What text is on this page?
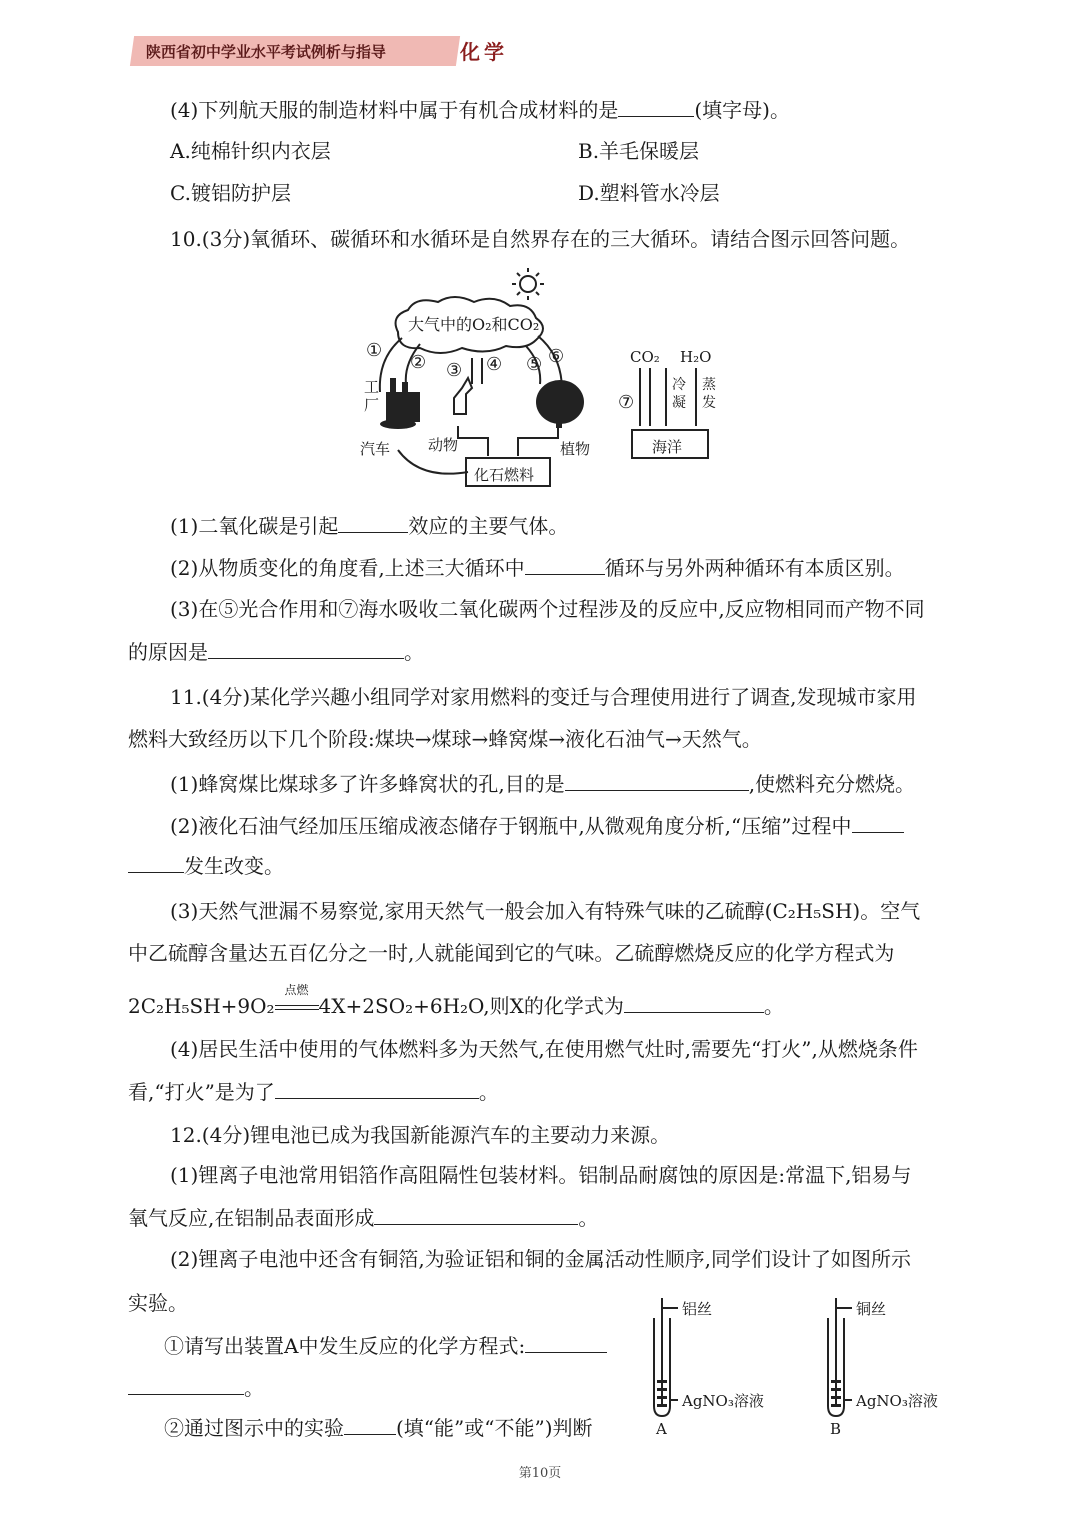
陕西省初中学业水平考试例析与指导	化学
(4)下列航天服的制造材料中属于有机合成材料的是	(填字母)。
A.纯棉针织内衣层	B.羊毛保暖层
C.镀铝防护层	D.塑料管水冷层
10.(3分)氧循环、碳循环和水循环是自然界存在的三大循环。请结合图示回答问题。
大气中的O₂和CO₂
①
② ③ ④ ⑤ ⑥
工厂
汽车	动物	植物
化石燃料
CO₂ H₂O
⑦
冷凝
蒸发
海洋
(1)二氧化碳是引起	效应的主要气体。
(2)从物质变化的角度看,上述三大循环中	循环与另外两种循环有本质区别。
(3)在⑤光合作用和⑦海水吸收二氧化碳两个过程涉及的反应中,反应物相同而产物不同
的原因是	。
11.(4分)某化学兴趣小组同学对家用燃料的变迁与合理使用进行了调查,发现城市家用
燃料大致经历以下几个阶段:煤块→煤球→蜂窝煤→液化石油气→天然气。
(1)蜂窝煤比煤球多了许多蜂窝状的孔,目的是	,使燃料充分燃烧。
(2)液化石油气经加压压缩成液态储存于钢瓶中,从微观角度分析,“压缩”过程中
发生改变。
(3)天然气泄漏不易察觉,家用天然气一般会加入有特殊气味的乙硫醇(C₂H₅SH)。空气
中乙硫醇含量达五百亿分之一时,人就能闻到它的气味。乙硫醇燃烧反应的化学方程式为
2C₂H₅SH+9O₂
点燃
4X+2SO₂+6H₂O,则X的化学式为	。
(4)居民生活中使用的气体燃料多为天然气,在使用燃气灶时,需要先“打火”,从燃烧条件
看,“打火”是为了	。
12.(4分)锂电池已成为我国新能源汽车的主要动力来源。
(1)锂离子电池常用铝箔作高阻隔性包装材料。铝制品耐腐蚀的原因是:常温下,铝易与
氧气反应,在铝制品表面形成	。
(2)锂离子电池中还含有铜箔,为验证铝和铜的金属活动性顺序,同学们设计了如图所示
实验。
①请写出装置A中发生反应的化学方程式:
。
②通过图示中的实验	(填“能”或“不能”)判断
铝丝
AgNO₃溶液
A
铜丝
AgNO₃溶液
B
第10页
